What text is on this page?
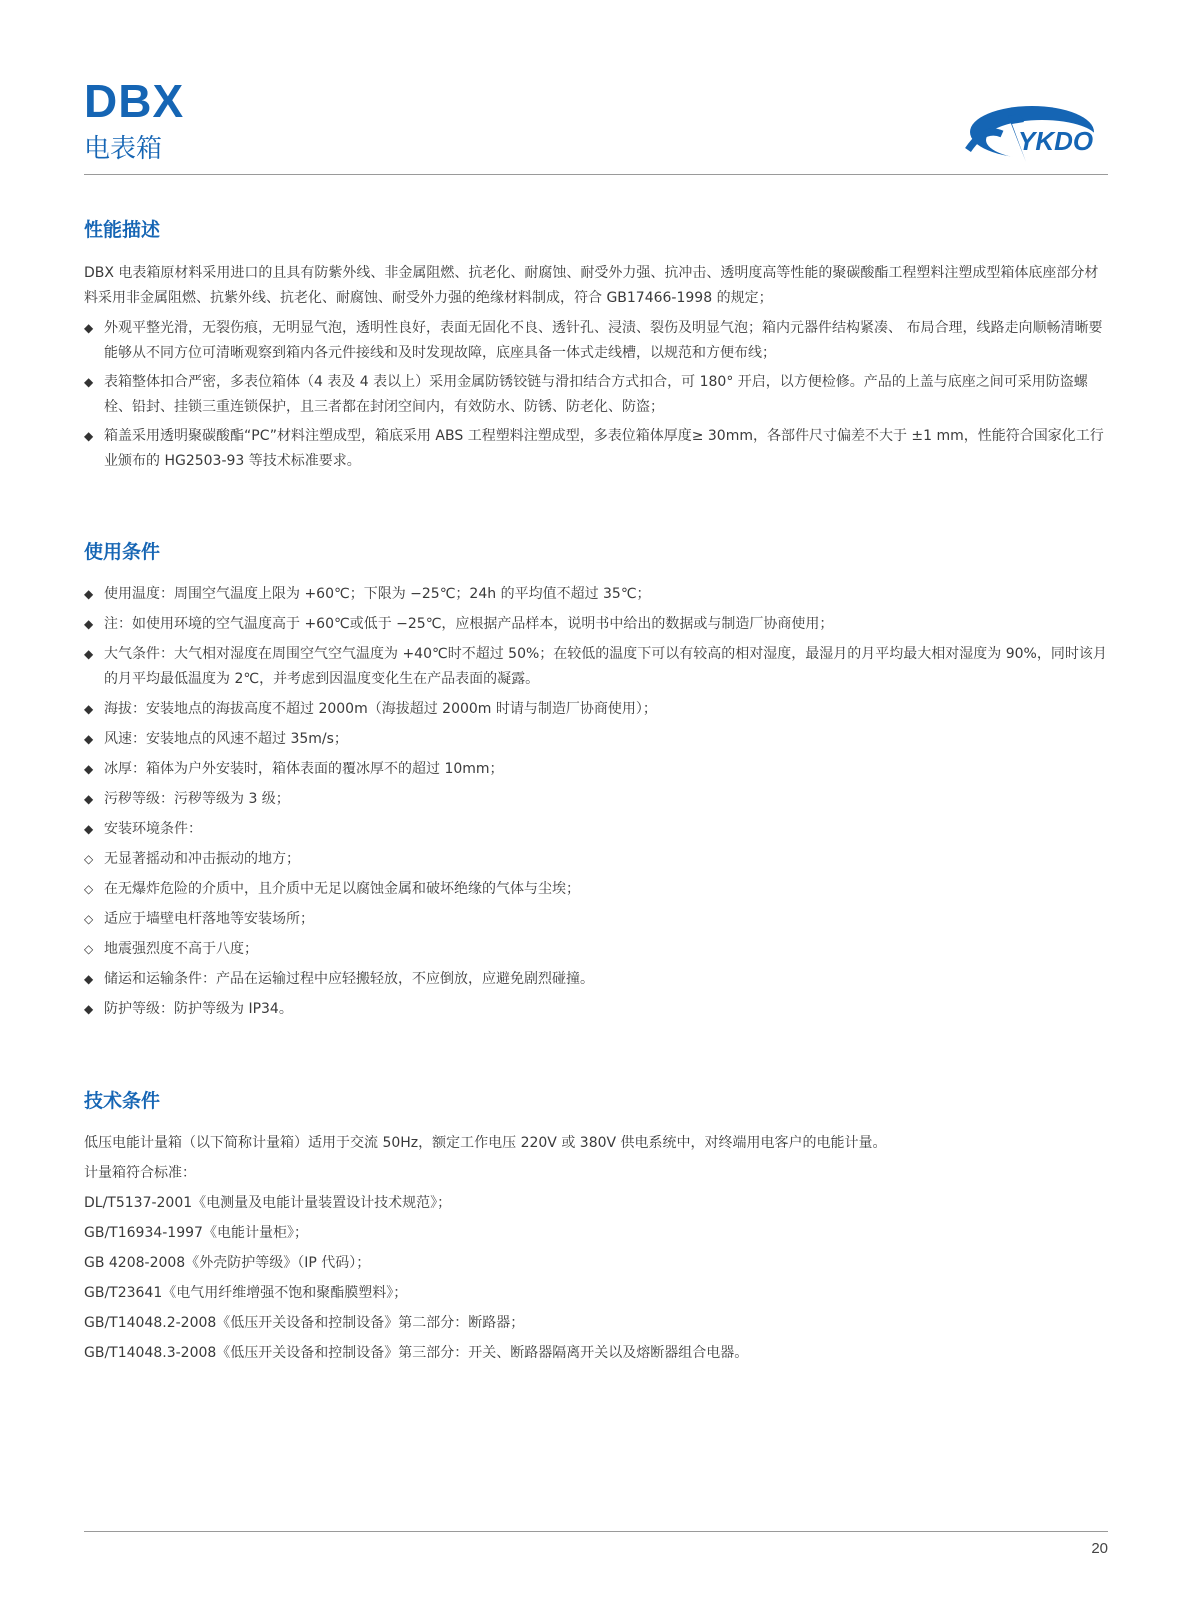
DBX
电表箱	YKDO
性能描述

DBX 电表箱原材料采用进口的且具有防紫外线、非金属阻燃、抗老化、耐腐蚀、耐受外力强、抗冲击、透明度高等性能的聚碳酸酯工程塑料注塑成型箱体底座部分材料采用非金属阻燃、抗紫外线、抗老化、耐腐蚀、耐受外力强的绝缘材料制成，符合 GB17466-1998 的规定；

◆ 外观平整光滑，无裂伤痕，无明显气泡，透明性良好，表面无固化不良、透针孔、浸渍、裂伤及明显气泡；箱内元器件结构紧凑、 布局合理，线路走向顺畅清晰要能够从不同方位可清晰观察到箱内各元件接线和及时发现故障，底座具备一体式走线槽，以规范和方便布线；

◆ 表箱整体扣合严密，多表位箱体（4 表及 4 表以上）采用金属防锈铰链与滑扣结合方式扣合，可 180° 开启，以方便检修。产品的上盖与底座之间可采用防盗螺栓、铅封、挂锁三重连锁保护，且三者都在封闭空间内，有效防水、防锈、防老化、防盗；

◆ 箱盖采用透明聚碳酸酯“PC”材料注塑成型，箱底采用 ABS 工程塑料注塑成型，多表位箱体厚度≥ 30mm，各部件尺寸偏差不大于 ±1 mm，性能符合国家化工行业颁布的 HG2503-93 等技术标准要求。

使用条件

◆ 使用温度：周围空气温度上限为 +60℃；下限为 −25℃；24h 的平均值不超过 35℃；

◆ 注：如使用环境的空气温度高于 +60℃或低于 −25℃，应根据产品样本，说明书中给出的数据或与制造厂协商使用；

◆ 大气条件：大气相对湿度在周围空气空气温度为 +40℃时不超过 50%；在较低的温度下可以有较高的相对湿度，最湿月的月平均最大相对湿度为 90%，同时该月的月平均最低温度为 2℃，并考虑到因温度变化生在产品表面的凝露。

◆ 海拔：安装地点的海拔高度不超过 2000m（海拔超过 2000m 时请与制造厂协商使用）；

◆ 风速：安装地点的风速不超过 35m/s；

◆ 冰厚：箱体为户外安装时，箱体表面的覆冰厚不的超过 10mm；

◆ 污秽等级：污秽等级为 3 级；

◆ 安装环境条件：

◇ 无显著摇动和冲击振动的地方；

◇ 在无爆炸危险的介质中，且介质中无足以腐蚀金属和破坏绝缘的气体与尘埃；

◇ 适应于墙壁电杆落地等安装场所；

◇ 地震强烈度不高于八度；

◆ 储运和运输条件：产品在运输过程中应轻搬轻放，不应倒放，应避免剧烈碰撞。

◆ 防护等级：防护等级为 IP34。

技术条件

低压电能计量箱（以下简称计量箱）适用于交流 50Hz，额定工作电压 220V 或 380V 供电系统中，对终端用电客户的电能计量。

计量箱符合标准：

DL/T5137-2001《电测量及电能计量装置设计技术规范》；

GB/T16934-1997《电能计量柜》；

GB 4208-2008《外壳防护等级》（IP 代码）；

GB/T23641《电气用纤维增强不饱和聚酯膜塑料》；

GB/T14048.2-2008《低压开关设备和控制设备》第二部分：断路器；

GB/T14048.3-2008《低压开关设备和控制设备》第三部分：开关、断路器隔离开关以及熔断器组合电器。

20
